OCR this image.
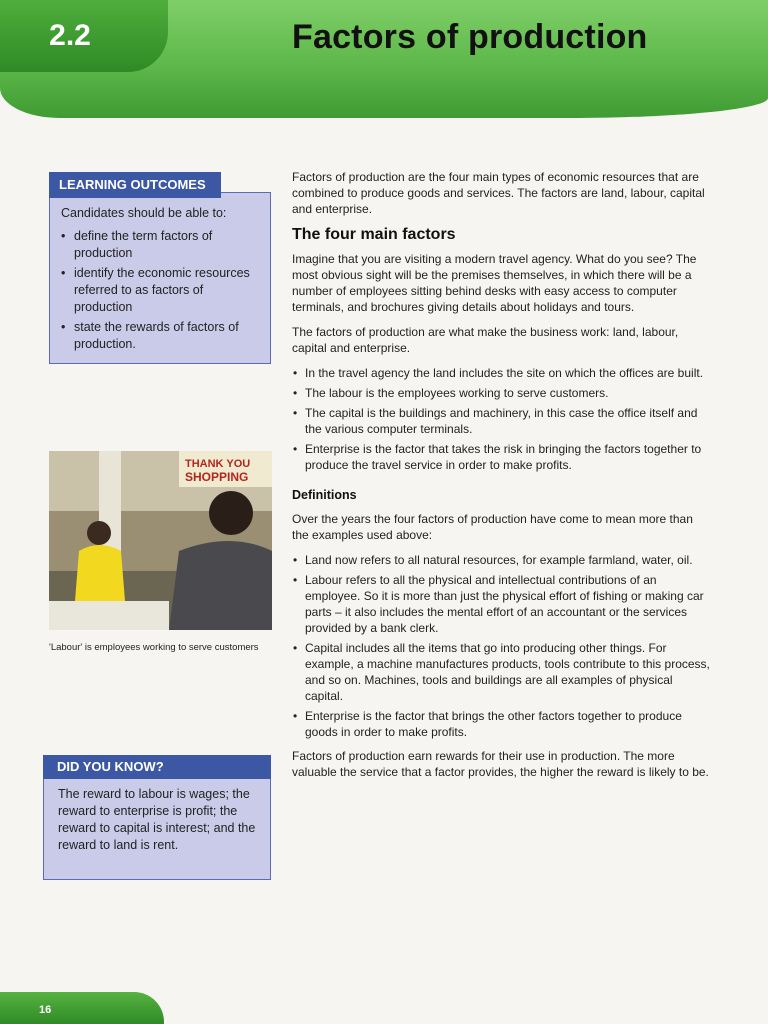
2.2	Factors of production
LEARNING OUTCOMES

Candidates should be able to:

• define the term factors of production
• identify the economic resources referred to as factors of production
• state the rewards of factors of production.
THANK YOU
SHOPPING

'Labour' is employees working to serve customers

DID YOU KNOW?

The reward to labour is wages; the reward to enterprise is profit; the reward to capital is interest; and the reward to land is rent.

Factors of production are the four main types of economic resources that are combined to produce goods and services. The factors are land, labour, capital and enterprise.

The four main factors

Imagine that you are visiting a modern travel agency. What do you see? The most obvious sight will be the premises themselves, in which there will be a number of employees sitting behind desks with easy access to computer terminals, and brochures giving details about holidays and tours.

The factors of production are what make the business work: land, labour, capital and enterprise.

• In the travel agency the land includes the site on which the offices are built.
• The labour is the employees working to serve customers.
• The capital is the buildings and machinery, in this case the office itself and the various computer terminals.
• Enterprise is the factor that takes the risk in bringing the factors together to produce the travel service in order to make profits.
Definitions

Over the years the four factors of production have come to mean more than the examples used above:

• Land now refers to all natural resources, for example farmland, water, oil.
• Labour refers to all the physical and intellectual contributions of an employee. So it is more than just the physical effort of fishing or making car parts – it also includes the mental effort of an accountant or the services provided by a bank clerk.
• Capital includes all the items that go into producing other things. For example, a machine manufactures products, tools contribute to this process, and so on. Machines, tools and buildings are all examples of physical capital.
• Enterprise is the factor that brings the other factors together to produce goods in order to make profits.

Factors of production earn rewards for their use in production. The more valuable the service that a factor provides, the higher the reward is likely to be.

16
